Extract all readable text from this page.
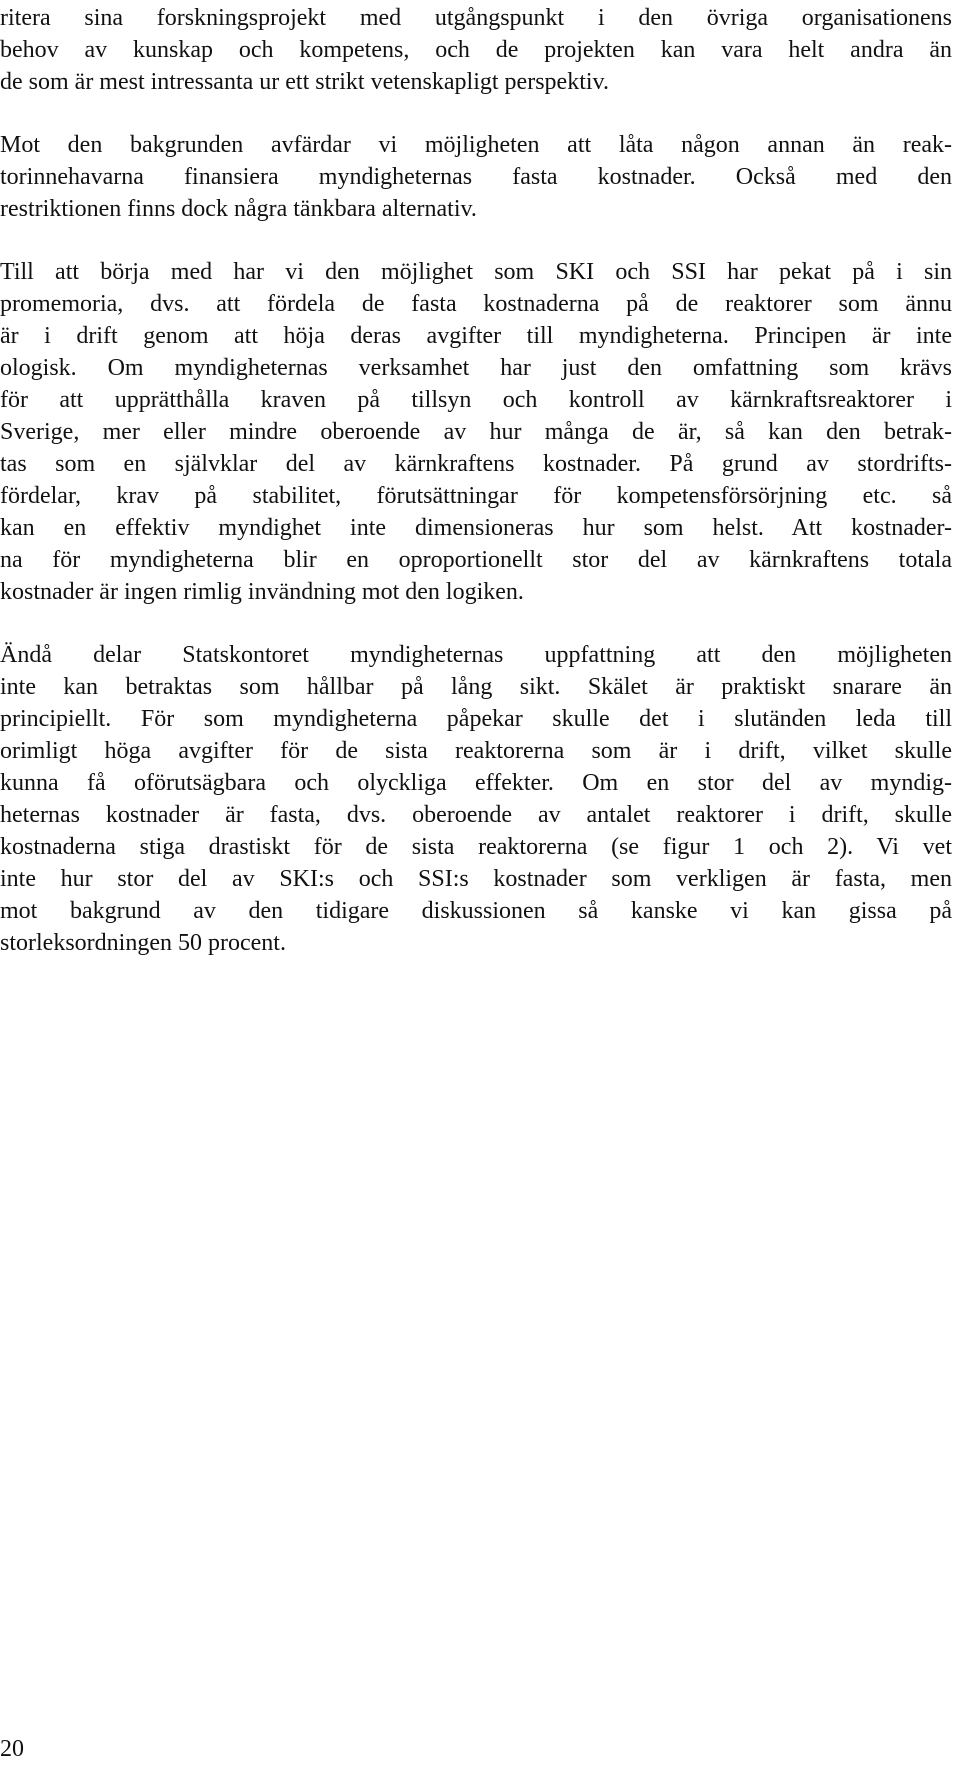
ritera sina forskningsprojekt med utgångspunkt i den övriga organisationens
behov av kunskap och kompetens, och de projekten kan vara helt andra än
de som är mest intressanta ur ett strikt vetenskapligt perspektiv.
Mot den bakgrunden avfärdar vi möjligheten att låta någon annan än reak-
torinnehavarna finansiera myndigheternas fasta kostnader. Också med den
restriktionen finns dock några tänkbara alternativ.
Till att börja med har vi den möjlighet som SKI och SSI har pekat på i sin
promemoria, dvs. att fördela de fasta kostnaderna på de reaktorer som ännu
är i drift genom att höja deras avgifter till myndigheterna. Principen är inte
ologisk. Om myndigheternas verksamhet har just den omfattning som krävs
för att upprätthålla kraven på tillsyn och kontroll av kärnkraftsreaktorer i
Sverige, mer eller mindre oberoende av hur många de är, så kan den betrak-
tas som en självklar del av kärnkraftens kostnader. På grund av stordrifts-
fördelar, krav på stabilitet, förutsättningar för kompetensförsörjning etc. så
kan en effektiv myndighet inte dimensioneras hur som helst. Att kostnader-
na för myndigheterna blir en oproportionellt stor del av kärnkraftens totala
kostnader är ingen rimlig invändning mot den logiken.
Ändå delar Statskontoret myndigheternas uppfattning att den möjligheten
inte kan betraktas som hållbar på lång sikt. Skälet är praktiskt snarare än
principiellt. För som myndigheterna påpekar skulle det i slutänden leda till
orimligt höga avgifter för de sista reaktorerna som är i drift, vilket skulle
kunna få oförutsägbara och olyckliga effekter. Om en stor del av myndig-
heternas kostnader är fasta, dvs. oberoende av antalet reaktorer i drift, skulle
kostnaderna stiga drastiskt för de sista reaktorerna (se figur 1 och 2). Vi vet
inte hur stor del av SKI:s och SSI:s kostnader som verkligen är fasta, men
mot bakgrund av den tidigare diskussionen så kanske vi kan gissa på
storleksordningen 50 procent.
20
